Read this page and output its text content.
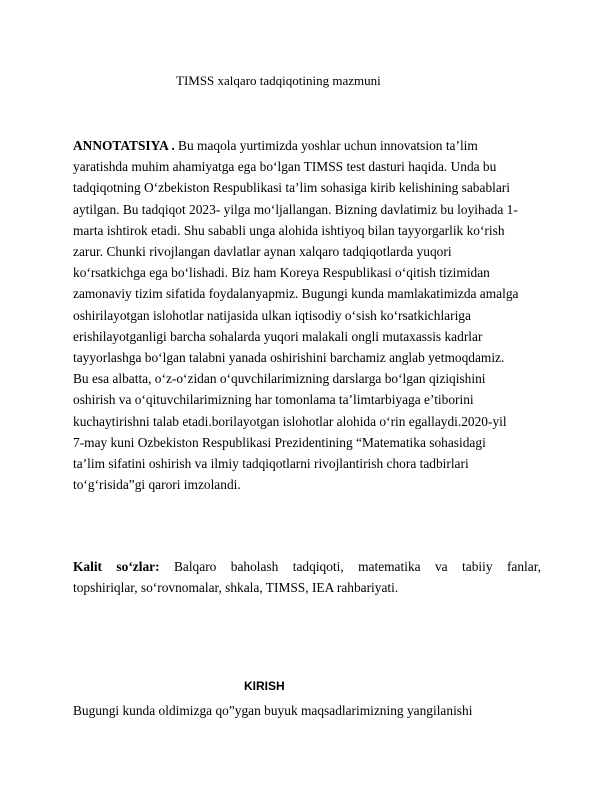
TIMSS xalqaro tadqiqotining mazmuni
ANNOTATSIYA . Bu maqola yurtimizda yoshlar uchun innovatsion ta’lim
yaratishda muhim ahamiyatga ega bo‘lgan TIMSS test dasturi haqida. Unda bu
tadqiqotning O‘zbekiston Respublikasi ta’lim sohasiga kirib kelishining sabablari
aytilgan. Bu tadqiqot 2023- yilga mo‘ljallangan. Bizning davlatimiz bu loyihada 1-
marta ishtirok etadi. Shu sababli unga alohida ishtiyoq bilan tayyorgarlik ko‘rish
zarur. Chunki rivojlangan davlatlar aynan xalqaro tadqiqotlarda yuqori
ko‘rsatkichga ega bo‘lishadi. Biz ham Koreya Respublikasi o‘qitish tizimidan
zamonaviy tizim sifatida foydalanyapmiz. Bugungi kunda mamlakatimizda amalga
oshirilayotgan islohotlar natijasida ulkan iqtisodiy o‘sish ko‘rsatkichlariga
erishilayotganligi barcha sohalarda yuqori malakali ongli mutaxassis kadrlar
tayyorlashga bo‘lgan talabni yanada oshirishini barchamiz anglab yetmoqdamiz.
Bu esa albatta, o‘z-o‘zidan o‘quvchilarimizning darslarga bo‘lgan qiziqishini
oshirish va o‘qituvchilarimizning har tomonlama ta’limtarbiyaga e’tiborini
kuchaytirishni talab etadi.borilayotgan islohotlar alohida o‘rin egallaydi.2020-yil
7-may kuni Ozbekiston Respublikasi Prezidentining “Matematika sohasidagi
ta’lim sifatini oshirish va ilmiy tadqiqotlarni rivojlantirish chora tadbirlari
to‘g‘risida”gi qarori imzolandi.
Kalit so‘zlar: Balqaro baholash tadqiqoti, matematika va tabiiy fanlar,
topshiriqlar, so‘rovnomalar, shkala, TIMSS, IEA rahbariyati.
KIRISH
Bugungi kunda oldimizga qo”ygan buyuk maqsadlarimizning yangilanishi
